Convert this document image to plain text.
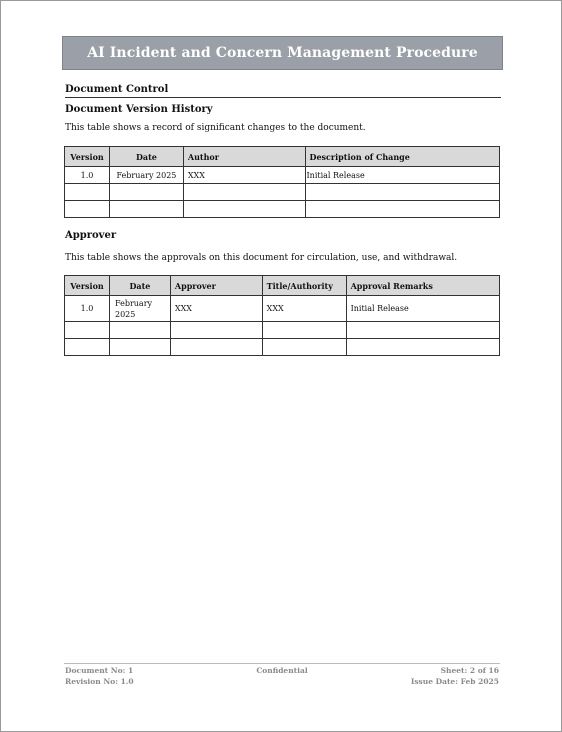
AI Incident and Concern Management Procedure
Document Control
Document Version History
This table shows a record of significant changes to the document.
Version	Date	Author	Description of Change
1.0	February 2025	XXX	Initial Release

Approver
This table shows the approvals on this document for circulation, use, and withdrawal.
Version	Date	Approver	Title/Authority	Approval Remarks
1.0	February 2025	XXX	XXX	Initial Release

Document No: 1
Revision No: 1.0
Confidential	Sheet: 2 of 16
Issue Date: Feb 2025
